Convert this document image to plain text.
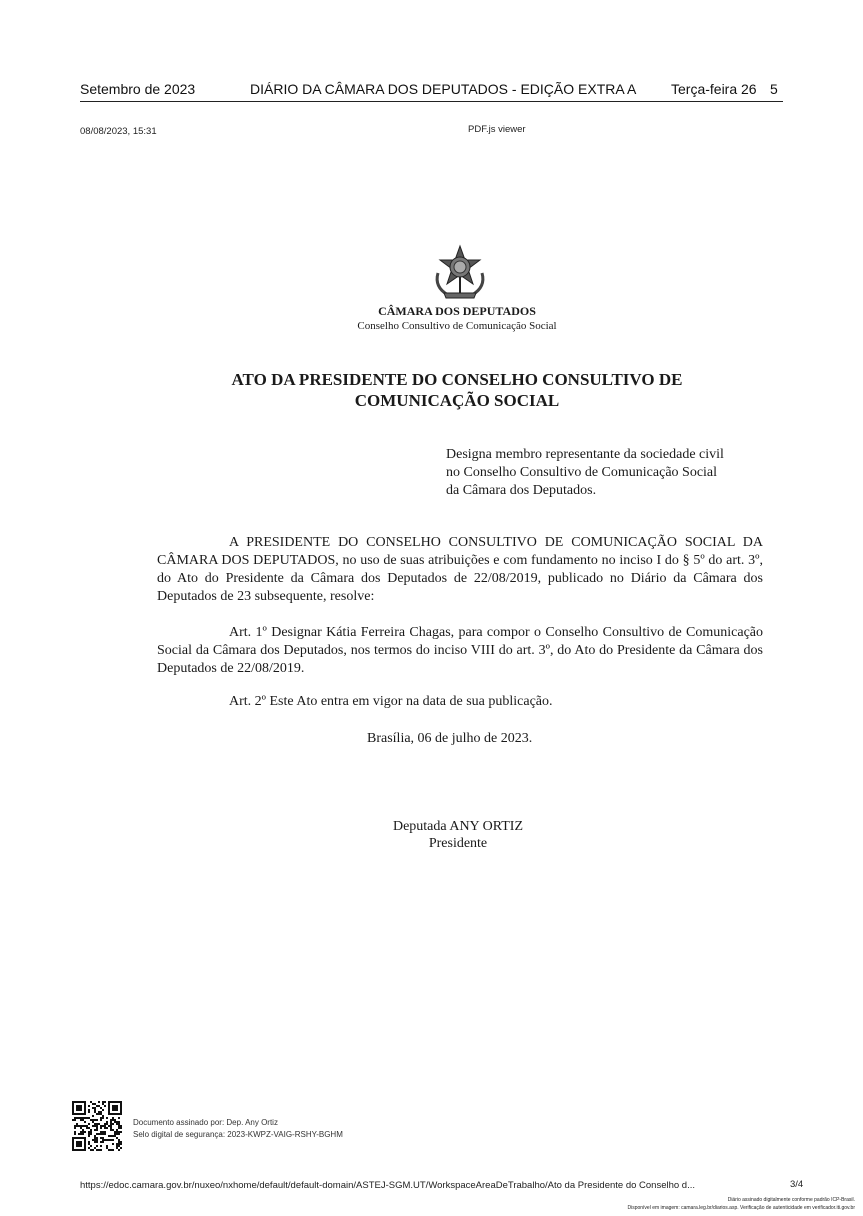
Setembro de 2023	DIÁRIO DA CÂMARA DOS DEPUTADOS - EDIÇÃO EXTRA A Terça-feira 26 5
08/08/2023, 15:31	PDF.js viewer
CÂMARA DOS DEPUTADOS
Conselho Consultivo de Comunicação Social
ATO DA PRESIDENTE DO CONSELHO CONSULTIVO DE
COMUNICAÇÃO SOCIAL
Designa membro representante da sociedade civil
no Conselho Consultivo de Comunicação Social
da Câmara dos Deputados.
A PRESIDENTE DO CONSELHO CONSULTIVO DE COMUNICAÇÃO SOCIAL DA CÂMARA DOS DEPUTADOS, no uso de suas atribuições e com fundamento no inciso I do § 5º do art. 3º, do Ato do Presidente da Câmara dos Deputados de 22/08/2019, publicado no Diário da Câmara dos Deputados de 23 subsequente, resolve:
Art. 1º Designar Kátia Ferreira Chagas, para compor o Conselho Consultivo de Comunicação Social da Câmara dos Deputados, nos termos do inciso VIII do art. 3º, do Ato do Presidente da Câmara dos Deputados de 22/08/2019.
Art. 2º Este Ato entra em vigor na data de sua publicação.
Brasília, 06 de julho de 2023.
Deputada ANY ORTIZ
Presidente
Documento assinado por: Dep. Any Ortiz
Selo digital de segurança: 2023-KWPZ-VAIG-RSHY-BGHM
https://edoc.camara.gov.br/nuxeo/nxhome/default/default-domain/ASTEJ-SGM.UT/WorkspaceAreaDeTrabalho/Ato da Presidente do Conselho d...	3/4
Diário assinado digitalmente conforme padrão ICP-Brasil.
Disponível em imagem: camara.leg.br/diarios.asp. Verificação de autenticidade em verificador.iti.gov.br
